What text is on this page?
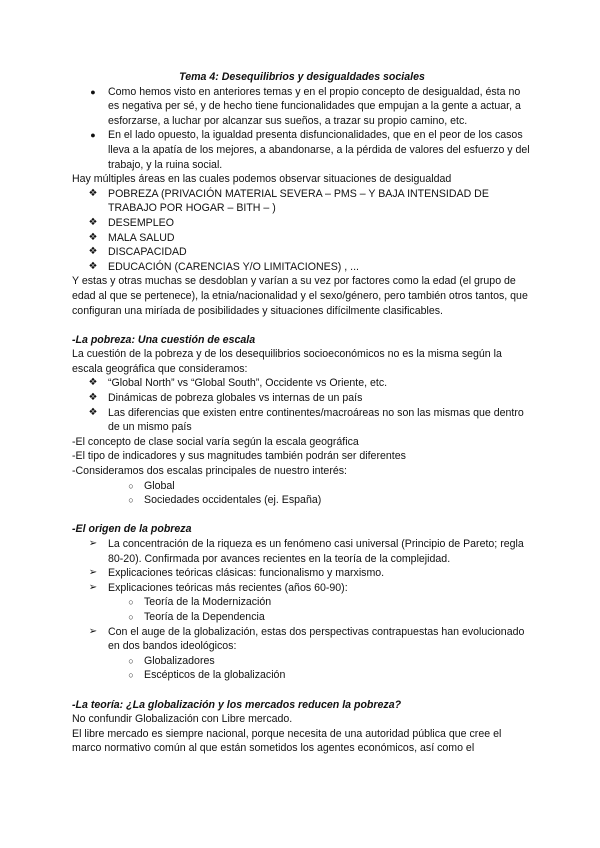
Tema 4: Desequilibrios y desigualdades sociales

●	Como hemos visto en anteriores temas y en el propio concepto de desigualdad, ésta no es negativa per sé, y de hecho tiene funcionalidades que empujan a la gente a actuar, a esforzarse, a luchar por alcanzar sus sueños, a trazar su propio camino, etc.
●	En el lado opuesto, la igualdad presenta disfuncionalidades, que en el peor de los casos lleva a la apatía de los mejores, a abandonarse, a la pérdida de valores del esfuerzo y del trabajo, y la ruina social.

Hay múltiples áreas en las cuales podemos observar situaciones de desigualdad

❖ POBREZA (PRIVACIÓN MATERIAL SEVERA – PMS – Y BAJA INTENSIDAD DE TRABAJO POR HOGAR – BITH – )
❖ DESEMPLEO
❖ MALA SALUD
❖ DISCAPACIDAD
❖ EDUCACIÓN (CARENCIAS Y/O LIMITACIONES) , ...

Y estas y otras muchas se desdoblan y varían a su vez por factores como la edad (el grupo de edad al que se pertenece), la etnia/nacionalidad y el sexo/género, pero también otros tantos, que configuran una miríada de posibilidades y situaciones difícilmente clasificables.

-La pobreza: Una cuestión de escala

La cuestión de la pobreza y de los desequilibrios socioeconómicos no es la misma según la escala geográfica que consideramos:

❖ “Global North” vs “Global South”, Occidente vs Oriente, etc.
❖ Dinámicas de pobreza globales vs internas de un país
❖ Las diferencias que existen entre continentes/macroáreas no son las mismas que dentro de un mismo país

-El concepto de clase social varía según la escala geográfica

-El tipo de indicadores y sus magnitudes también podrán ser diferentes

-Consideramos dos escalas principales de nuestro interés:

○ Global
○ Sociedades occidentales (ej. España)

-El origen de la pobreza

➢ La concentración de la riqueza es un fenómeno casi universal (Principio de Pareto; regla 80-20). Confirmada por avances recientes en la teoría de la complejidad.
➢ Explicaciones teóricas clásicas: funcionalismo y marxismo.
➢ Explicaciones teóricas más recientes (años 60-90):
○ Teoría de la Modernización
○ Teoría de la Dependencia
➢ Con el auge de la globalización, estas dos perspectivas contrapuestas han evolucionado en dos bandos ideológicos:
○ Globalizadores
○ Escépticos de la globalización

-La teoría: ¿La globalización y los mercados reducen la pobreza?

No confundir Globalización con Libre mercado.

El libre mercado es siempre nacional, porque necesita de una autoridad pública que cree el marco normativo común al que están sometidos los agentes económicos, así como el
